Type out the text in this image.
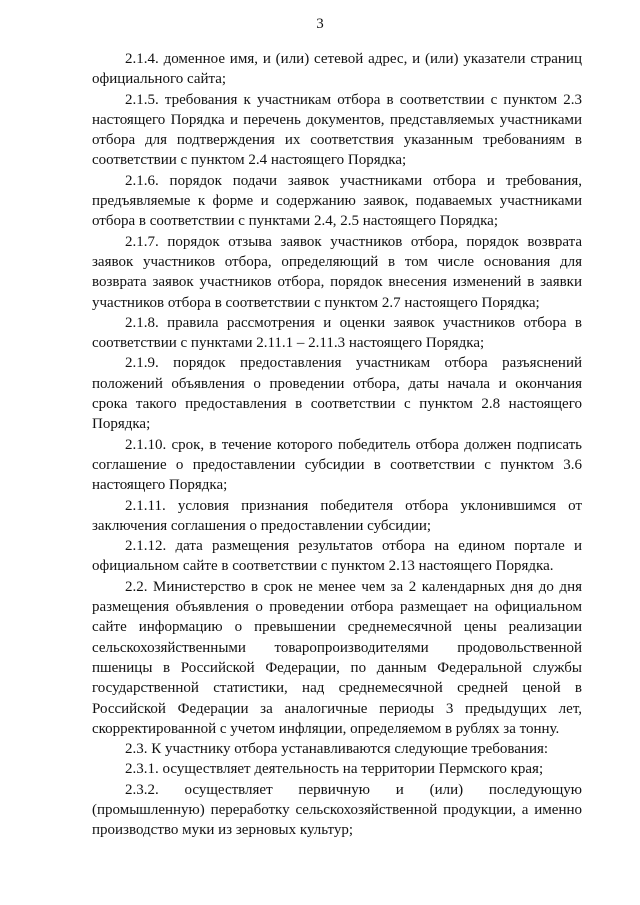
3

2.1.4. доменное имя, и (или) сетевой адрес, и (или) указатели страниц официального сайта;

2.1.5. требования к участникам отбора в соответствии с пунктом 2.3 настоящего Порядка и перечень документов, представляемых участниками отбора для подтверждения их соответствия указанным требованиям в соответствии с пунктом 2.4 настоящего Порядка;

2.1.6. порядок подачи заявок участниками отбора и требования, предъявляемые к форме и содержанию заявок, подаваемых участниками отбора в соответствии с пунктами 2.4, 2.5 настоящего Порядка;

2.1.7. порядок отзыва заявок участников отбора, порядок возврата заявок участников отбора, определяющий в том числе основания для возврата заявок участников отбора, порядок внесения изменений в заявки участников отбора в соответствии с пунктом 2.7 настоящего Порядка;

2.1.8. правила рассмотрения и оценки заявок участников отбора в соответствии с пунктами 2.11.1 – 2.11.3 настоящего Порядка;

2.1.9. порядок предоставления участникам отбора разъяснений положений объявления о проведении отбора, даты начала и окончания срока такого предоставления в соответствии с пунктом 2.8 настоящего Порядка;

2.1.10. срок, в течение которого победитель отбора должен подписать соглашение о предоставлении субсидии в соответствии с пунктом 3.6 настоящего Порядка;

2.1.11. условия признания победителя отбора уклонившимся от заключения соглашения о предоставлении субсидии;

2.1.12. дата размещения результатов отбора на едином портале и официальном сайте в соответствии с пунктом 2.13 настоящего Порядка.

2.2. Министерство в срок не менее чем за 2 календарных дня до дня размещения объявления о проведении отбора размещает на официальном сайте информацию о превышении среднемесячной цены реализации сельскохозяйственными товаропроизводителями продовольственной пшеницы в Российской Федерации, по данным Федеральной службы государственной статистики, над среднемесячной средней ценой в Российской Федерации за аналогичные периоды 3 предыдущих лет, скорректированной с учетом инфляции, определяемом в рублях за тонну.

2.3. К участнику отбора устанавливаются следующие требования:

2.3.1. осуществляет деятельность на территории Пермского края;

2.3.2. осуществляет первичную и (или) последующую (промышленную) переработку сельскохозяйственной продукции, а именно производство муки из зерновых культур;
